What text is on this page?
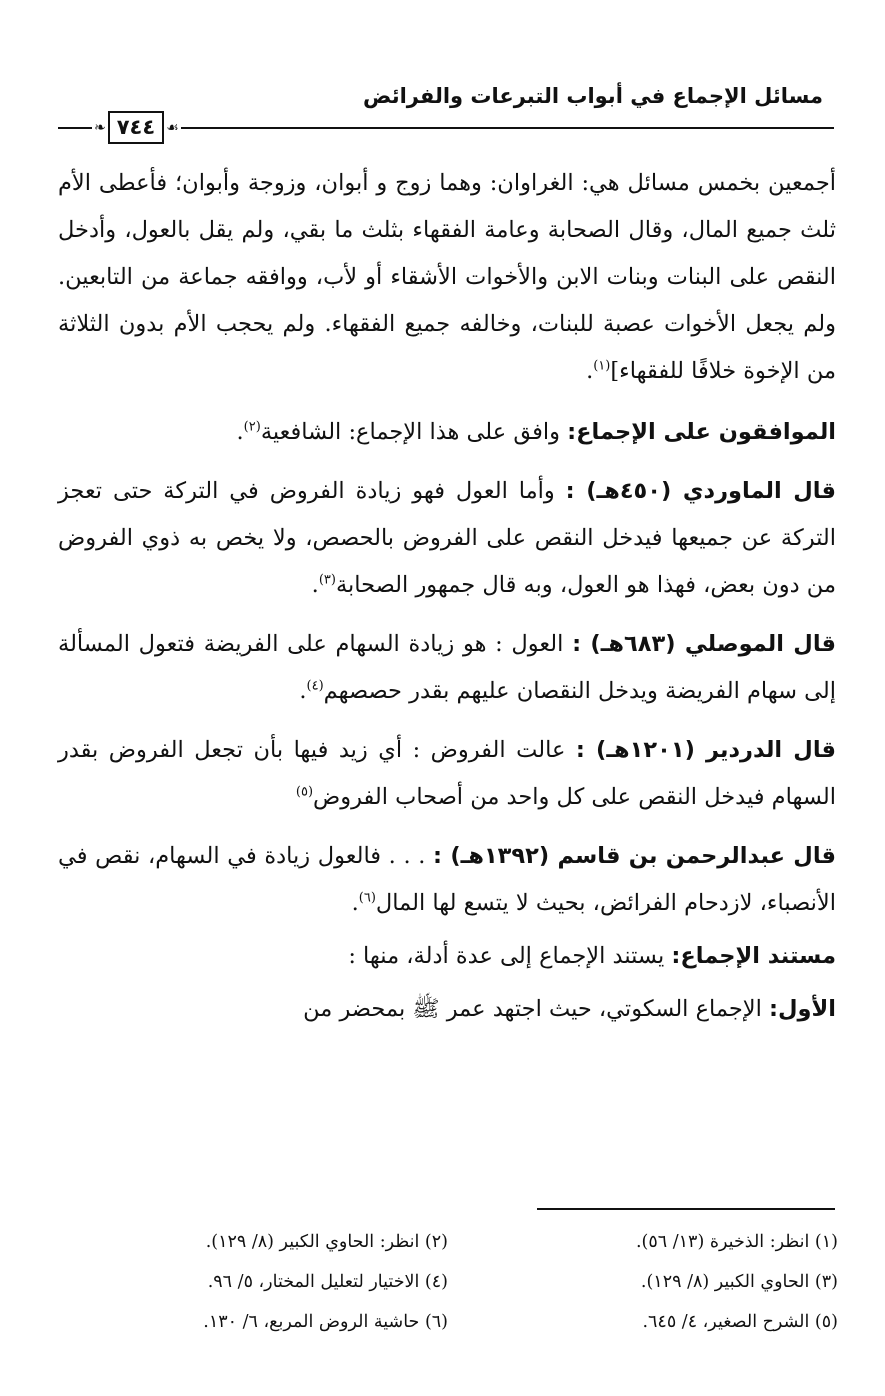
مسائل الإجماع في أبواب التبرعات والفرائض
❧ ٧٤٤ ☙

أجمعين بخمس مسائل هي: الغراوان: وهما زوج و أبوان، وزوجة وأبوان؛ فأعطى الأم ثلث جميع المال، وقال الصحابة وعامة الفقهاء بثلث ما بقي، ولم يقل بالعول، وأدخل النقص على البنات وبنات الابن والأخوات الأشقاء أو لأب، ووافقه جماعة من التابعين. ولم يجعل الأخوات عصبة للبنات، وخالفه جميع الفقهاء. ولم يحجب الأم بدون الثلاثة من الإخوة خلافًا للفقهاء]$^{(١)}$.

الموافقون على الإجماع: وافق على هذا الإجماع: الشافعية$^{(٢)}$.

قال الماوردي (٤٥٠هـ) : وأما العول فهو زيادة الفروض في التركة حتى تعجز التركة عن جميعها فيدخل النقص على الفروض بالحصص، ولا يخص به ذوي الفروض من دون بعض، فهذا هو العول، وبه قال جمهور الصحابة$^{(٣)}$.

قال الموصلي (٦٨٣هـ) : العول : هو زيادة السهام على الفريضة فتعول المسألة إلى سهام الفريضة ويدخل النقصان عليهم بقدر حصصهم$^{(٤)}$.

قال الدردير (١٢٠١هـ) : عالت الفروض : أي زيد فيها بأن تجعل الفروض بقدر السهام فيدخل النقص على كل واحد من أصحاب الفروض$^{(٥)}$

قال عبدالرحمن بن قاسم (١٣٩٢هـ) : . . . فالعول زيادة في السهام، نقص في الأنصباء، لازدحام الفرائض، بحيث لا يتسع لها المال$^{(٦)}$.

مستند الإجماع: يستند الإجماع إلى عدة أدلة، منها :

الأول: الإجماع السكوتي، حيث اجتهد عمر ﷺ بمحضر من

(١) انظر: الذخيرة (١٣/ ٥٦).
(٢) انظر: الحاوي الكبير (٨/ ١٢٩).
(٣) الحاوي الكبير (٨/ ١٢٩).
(٤) الاختيار لتعليل المختار، ٥/ ٩٦.
(٥) الشرح الصغير، ٤/ ٦٤٥.
(٦) حاشية الروض المربع، ٦/ ١٣٠.
